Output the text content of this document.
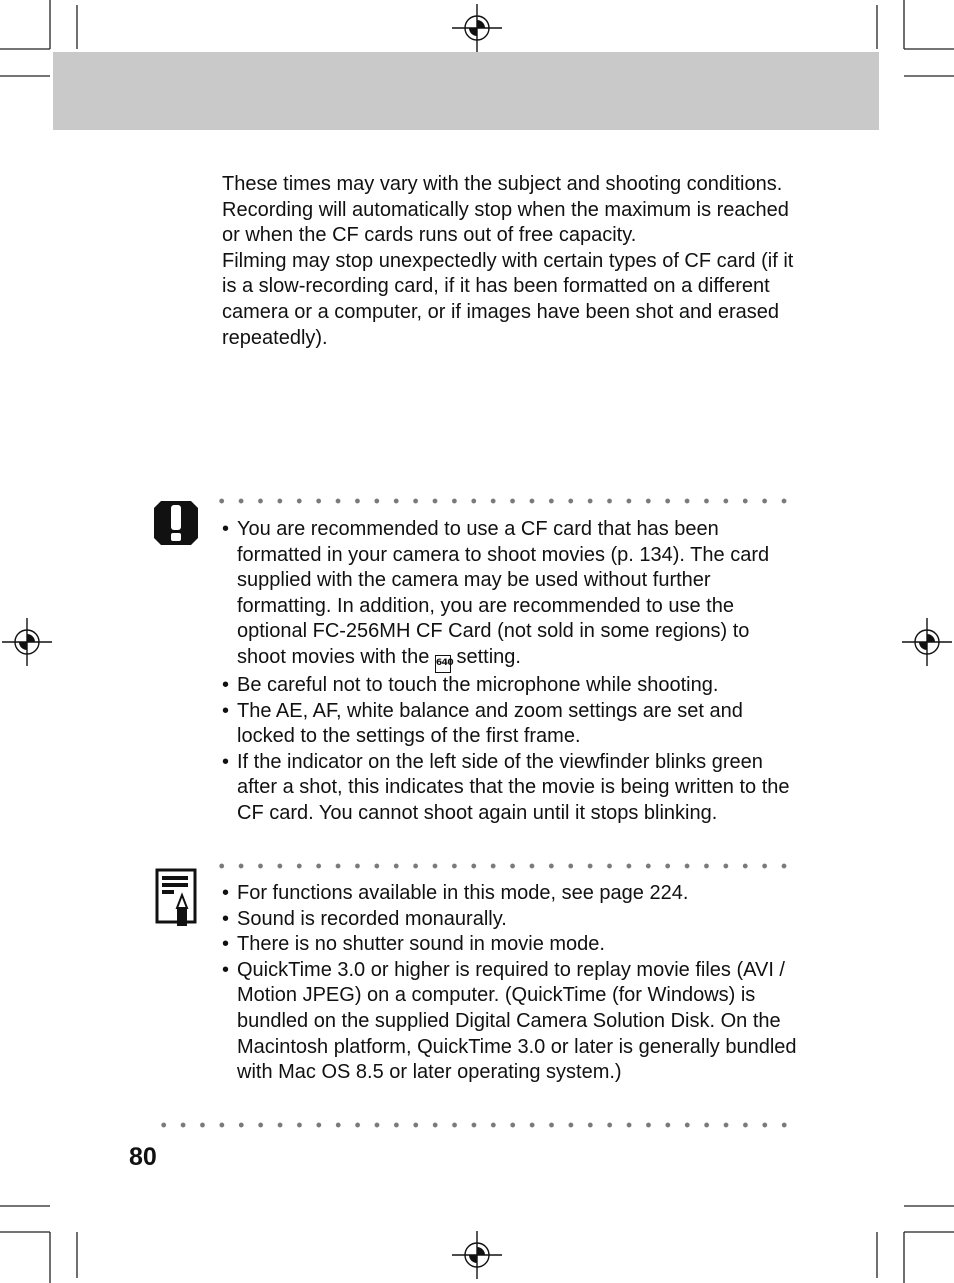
These times may vary with the subject and shooting conditions. Recording will automatically stop when the maximum is reached or when the CF cards runs out of free capacity.

Filming may stop unexpectedly with certain types of CF card (if it is a slow-recording card, if it has been formatted on a different camera or a computer, or if images have been shot and erased repeatedly).

• You are recommended to use a CF card that has been formatted in your camera to shoot movies (p. 134). The card supplied with the camera may be used without further formatting. In addition, you are recommended to use the optional FC-256MH CF Card (not sold in some regions) to shoot movies with the 640 setting.
• Be careful not to touch the microphone while shooting.
• The AE, AF, white balance and zoom settings are set and locked to the settings of the first frame.
• If the indicator on the left side of the viewfinder blinks green after a shot, this indicates that the movie is being written to the CF card. You cannot shoot again until it stops blinking.
• For functions available in this mode, see page 224.
• Sound is recorded monaurally.
• There is no shutter sound in movie mode.
• QuickTime 3.0 or higher is required to replay movie files (AVI / Motion JPEG) on a computer. (QuickTime (for Windows) is bundled on the supplied Digital Camera Solution Disk. On the Macintosh platform, QuickTime 3.0 or later is generally bundled with Mac OS 8.5 or later operating system.)
80
